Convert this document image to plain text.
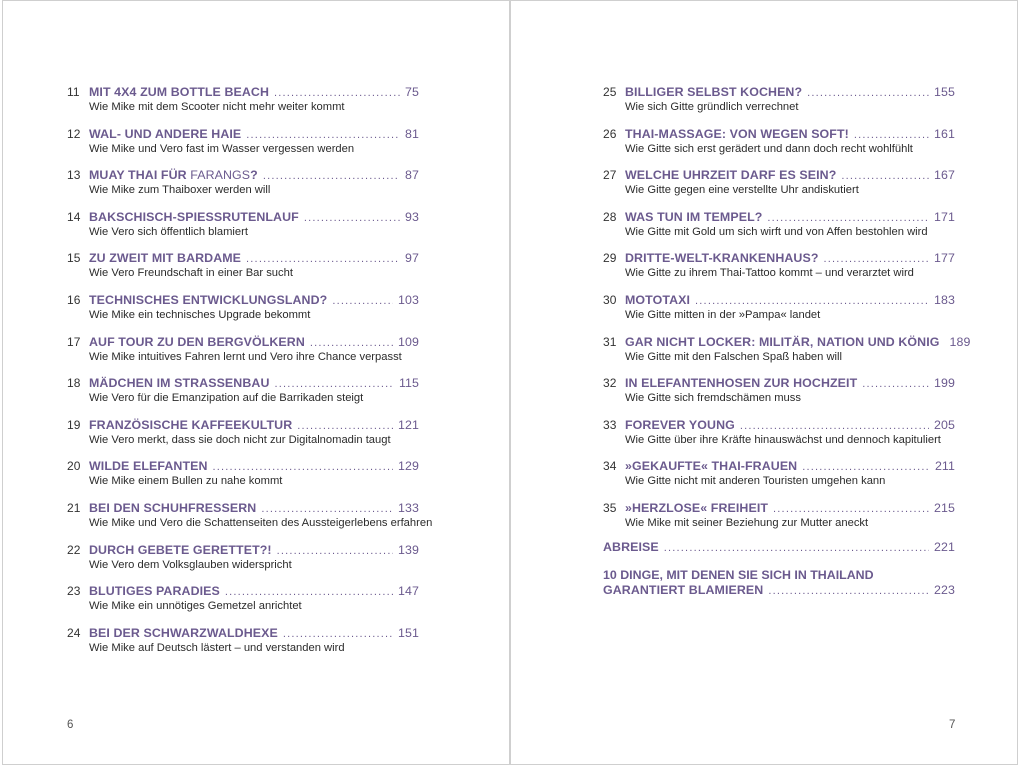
11 MIT 4X4 ZUM BOTTLE BEACH .....	75
Wie Mike mit dem Scooter nicht mehr weiter kommt
12 WAL- UND ANDERE HAIE .....	81
Wie Mike und Vero fast im Wasser vergessen werden
13 MUAY THAI FÜR FARANGS? .....	87
Wie Mike zum Thaiboxer werden will
14 BAKSCHISCH-SPIESSRUTENLAUF .....	93
Wie Vero sich öffentlich blamiert
15 ZU ZWEIT MIT BARDAME .....	97
Wie Vero Freundschaft in einer Bar sucht
16 TECHNISCHES ENTWICKLUNGSLAND? .....	103
Wie Mike ein technisches Upgrade bekommt
17 AUF TOUR ZU DEN BERGVÖLKERN .....	109
Wie Mike intuitives Fahren lernt und Vero ihre Chance verpasst
18 MÄDCHEN IM STRASSENBAU .....	115
Wie Vero für die Emanzipation auf die Barrikaden steigt
19 FRANZÖSISCHE KAFFEEKULTUR .....	121
Wie Vero merkt, dass sie doch nicht zur Digitalnomadin taugt
20 WILDE ELEFANTEN .....	129
Wie Mike einem Bullen zu nahe kommt
21 BEI DEN SCHUHFRESSERN .....	133
Wie Mike und Vero die Schattenseiten des Aussteigerlebens erfahren
22 DURCH GEBETE GERETTET?! .....	139
Wie Vero dem Volksglauben widerspricht
23 BLUTIGES PARADIES .....	147
Wie Mike ein unnötiges Gemetzel anrichtet
24 BEI DER SCHWARZWALDHEXE .....	151
Wie Mike auf Deutsch lästert – und verstanden wird
6
ABREISE .....	221
10 DINGE, MIT DENEN SIE SICH IN THAILAND
GARANTIERT BLAMIEREN .....	223
25 BILLIGER SELBST KOCHEN? .....	155
Wie sich Gitte gründlich verrechnet
26 THAI-MASSAGE: VON WEGEN SOFT! .....	161
Wie Gitte sich erst gerädert und dann doch recht wohlfühlt
27 WELCHE UHRZEIT DARF ES SEIN? .....	167
Wie Gitte gegen eine verstellte Uhr andiskutiert
28 WAS TUN IM TEMPEL? .....	171
Wie Gitte mit Gold um sich wirft und von Affen bestohlen wird
29 DRITTE-WELT-KRANKENHAUS? .....	177
Wie Gitte zu ihrem Thai-Tattoo kommt – und verarztet wird
30 MOTOTAXI .....	183
Wie Gitte mitten in der »Pampa« landet
31 GAR NICHT LOCKER: MILITÄR, NATION UND KÖNIG 189
Wie Gitte mit den Falschen Spaß haben will
32 IN ELEFANTENHOSEN ZUR HOCHZEIT .....	199
Wie Gitte sich fremdschämen muss
33 FOREVER YOUNG .....	205
Wie Gitte über ihre Kräfte hinauswächst und dennoch kapituliert
34 »GEKAUFTE« THAI-FRAUEN .....	211
Wie Gitte nicht mit anderen Touristen umgehen kann
35 »HERZLOSE« FREIHEIT .....	215
Wie Mike mit seiner Beziehung zur Mutter aneckt
7
